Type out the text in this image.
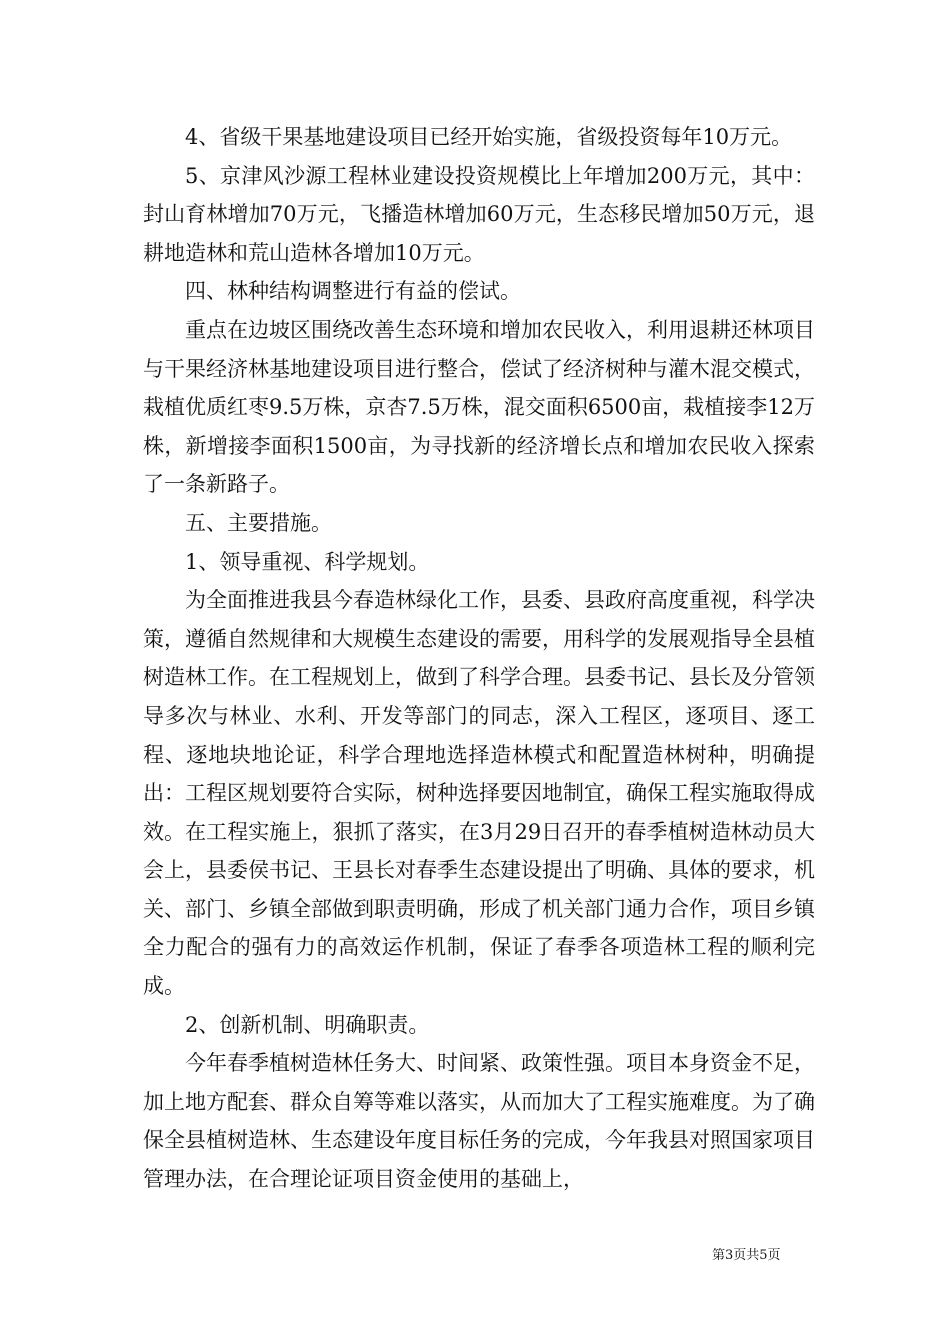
4、省级干果基地建设项目已经开始实施，省级投资每年10万元。

5、京津风沙源工程林业建设投资规模比上年增加200万元，其中：封山育林增加70万元，飞播造林增加60万元，生态移民增加50万元，退耕地造林和荒山造林各增加10万元。

四、林种结构调整进行有益的偿试。

重点在边坡区围绕改善生态环境和增加农民收入，利用退耕还林项目与干果经济林基地建设项目进行整合，偿试了经济树种与灌木混交模式，栽植优质红枣9.5万株，京杏7.5万株，混交面积6500亩，栽植接李12万株，新增接李面积1500亩，为寻找新的经济增长点和增加农民收入探索了一条新路子。

五、主要措施。

1、领导重视、科学规划。

为全面推进我县今春造林绿化工作，县委、县政府高度重视，科学决策，遵循自然规律和大规模生态建设的需要，用科学的发展观指导全县植树造林工作。在工程规划上，做到了科学合理。县委书记、县长及分管领导多次与林业、水利、开发等部门的同志，深入工程区，逐项目、逐工程、逐地块地论证，科学合理地选择造林模式和配置造林树种，明确提出：工程区规划要符合实际，树种选择要因地制宜，确保工程实施取得成效。在工程实施上，狠抓了落实，在3月29日召开的春季植树造林动员大会上，县委侯书记、王县长对春季生态建设提出了明确、具体的要求，机关、部门、乡镇全部做到职责明确，形成了机关部门通力合作，项目乡镇全力配合的强有力的高效运作机制，保证了春季各项造林工程的顺利完成。

2、创新机制、明确职责。

今年春季植树造林任务大、时间紧、政策性强。项目本身资金不足，加上地方配套、群众自筹等难以落实，从而加大了工程实施难度。为了确保全县植树造林、生态建设年度目标任务的完成，今年我县对照国家项目管理办法，在合理论证项目资金使用的基础上，

第3页共5页
